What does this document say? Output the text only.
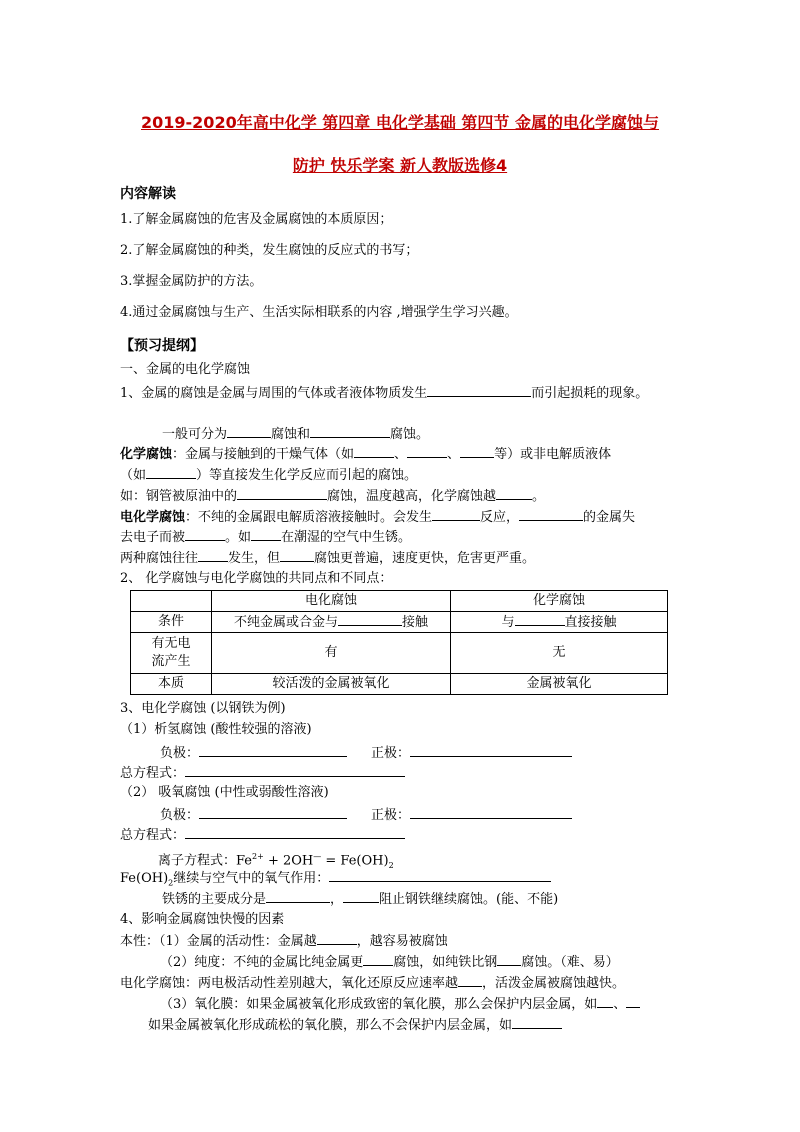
2019-2020年高中化学 第四章 电化学基础 第四节 金属的电化学腐蚀与
防护 快乐学案 新人教版选修4
内容解读
1.了解金属腐蚀的危害及金属腐蚀的本质原因；
2.了解金属腐蚀的种类，发生腐蚀的反应式的书写；
3.掌握金属防护的方法。
4.通过金属腐蚀与生产、生活实际相联系的内容 ,增强学生学习兴趣。
【预习提纲】
一、金属的电化学腐蚀
1、金属的腐蚀是金属与周围的气体或者液体物质发生	而引起损耗的现象。
一般可分为	腐蚀和	腐蚀。
化学腐蚀：金属与接触到的干燥气体（如	、	、	等）或非电解质液体
（如	）等直接发生化学反应而引起的腐蚀。
如：钢管被原油中的	腐蚀，温度越高，化学腐蚀越	。
电化学腐蚀：不纯的金属跟电解质溶液接触时。会发生	反应，	的金属失
去电子而被	。如 在潮湿的空气中生锈。
两种腐蚀往往 发生，但	腐蚀更普遍，速度更快，危害更严重。
2、 化学腐蚀与电化学腐蚀的共同点和不同点：
	电化腐蚀	化学腐蚀
条件	不纯金属或合金与 接触	与 直接接触

有无电
流产生	有	无
本质	较活泼的金属被氧化	金属被氧化
3、电化学腐蚀 (以钢铁为例)
（1）析氢腐蚀 (酸性较强的溶液)
负极：	正极：
总方程式：
（2） 吸氧腐蚀 (中性或弱酸性溶液)
负极：	正极：
总方程式：
离子方程式：$Fe^{2+} + 2OH^— = Fe(OH)_2$
$Fe(OH)_2$继续与空气中的氧气作用：
铁锈的主要成分是	，	阻止钢铁继续腐蚀。(能、不能)
4、影响金属腐蚀快慢的因素
本性：（1）金属的活动性：金属越	，越容易被腐蚀
（2）纯度：不纯的金属比纯金属更 腐蚀，如纯铁比钢 腐蚀。（难、易）
电化学腐蚀：两电极活动性差别越大，氧化还原反应速率越 ，活泼金属被腐蚀越快。
（3）氧化膜：如果金属被氧化形成致密的氧化膜，那么会保护内层金属，如 、
如果金属被氧化形成疏松的氧化膜，那么不会保护内层金属，如
